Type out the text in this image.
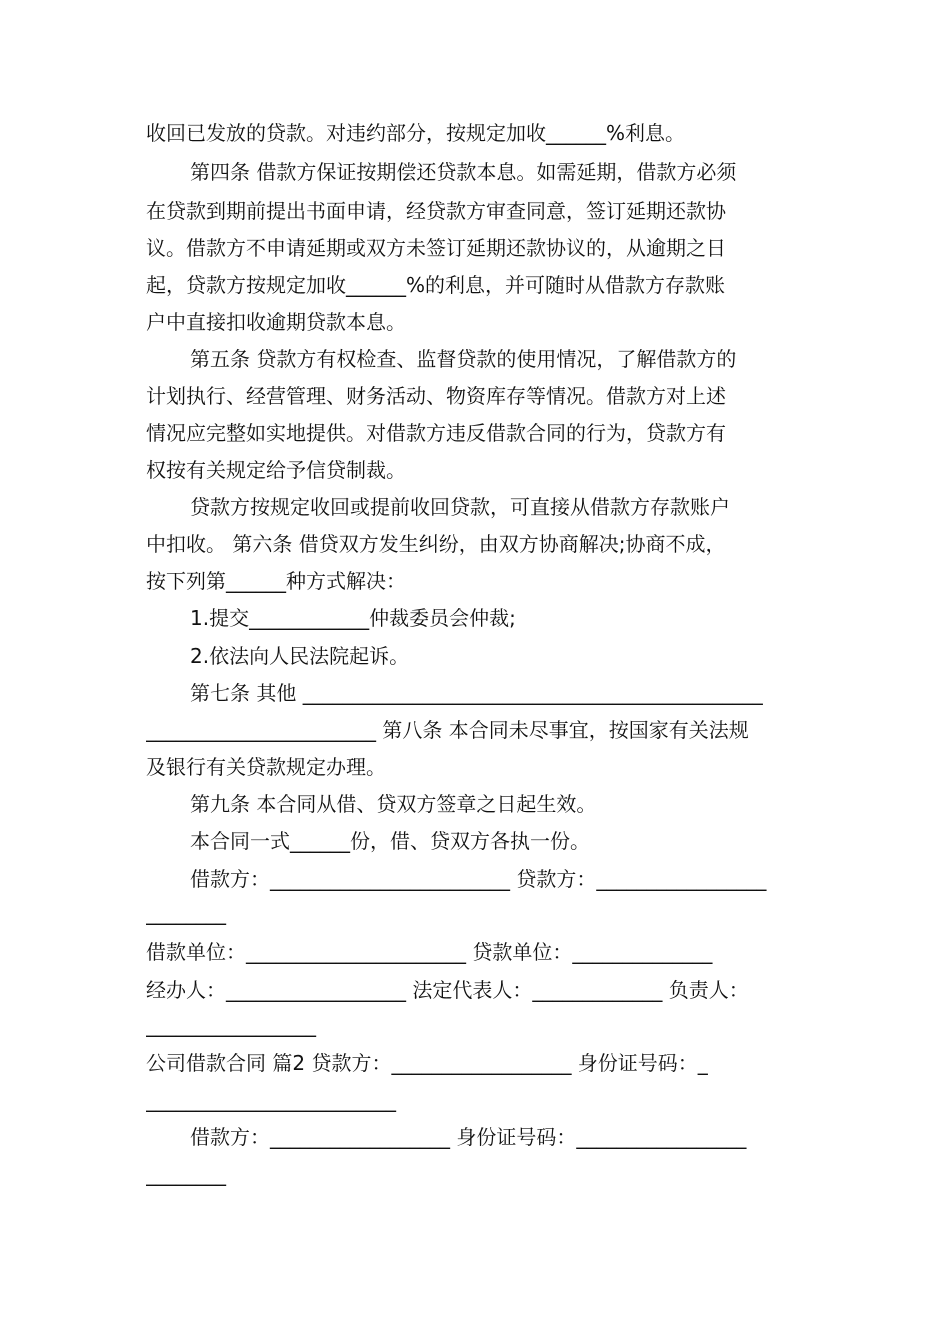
收回已发放的贷款。对违约部分，按规定加收______%利息。
第四条 借款方保证按期偿还贷款本息。如需延期，借款方必须
在贷款到期前提出书面申请，经贷款方审查同意，签订延期还款协
议。借款方不申请延期或双方未签订延期还款协议的，从逾期之日
起，贷款方按规定加收______%的利息，并可随时从借款方存款账
户中直接扣收逾期贷款本息。
第五条 贷款方有权检查、监督贷款的使用情况，了解借款方的
计划执行、经营管理、财务活动、物资库存等情况。借款方对上述
情况应完整如实地提供。对借款方违反借款合同的行为，贷款方有
权按有关规定给予信贷制裁。
贷款方按规定收回或提前收回贷款，可直接从借款方存款账户
中扣收。 第六条 借贷双方发生纠纷，由双方协商解决;协商不成，
按下列第______种方式解决：
1.提交____________仲裁委员会仲裁;
2.依法向人民法院起诉。
第七条 其他 ______________________________________________
_______________________ 第八条 本合同未尽事宜，按国家有关法规
及银行有关贷款规定办理。
第九条 本合同从借、贷双方签章之日起生效。
本合同一式______份，借、贷双方各执一份。
借款方：________________________ 贷款方：_________________
________
借款单位：______________________ 贷款单位：______________
经办人：__________________ 法定代表人：_____________ 负责人：
_________________
公司借款合同 篇2 贷款方：__________________ 身份证号码：_
_________________________
借款方：__________________ 身份证号码：_________________
________
